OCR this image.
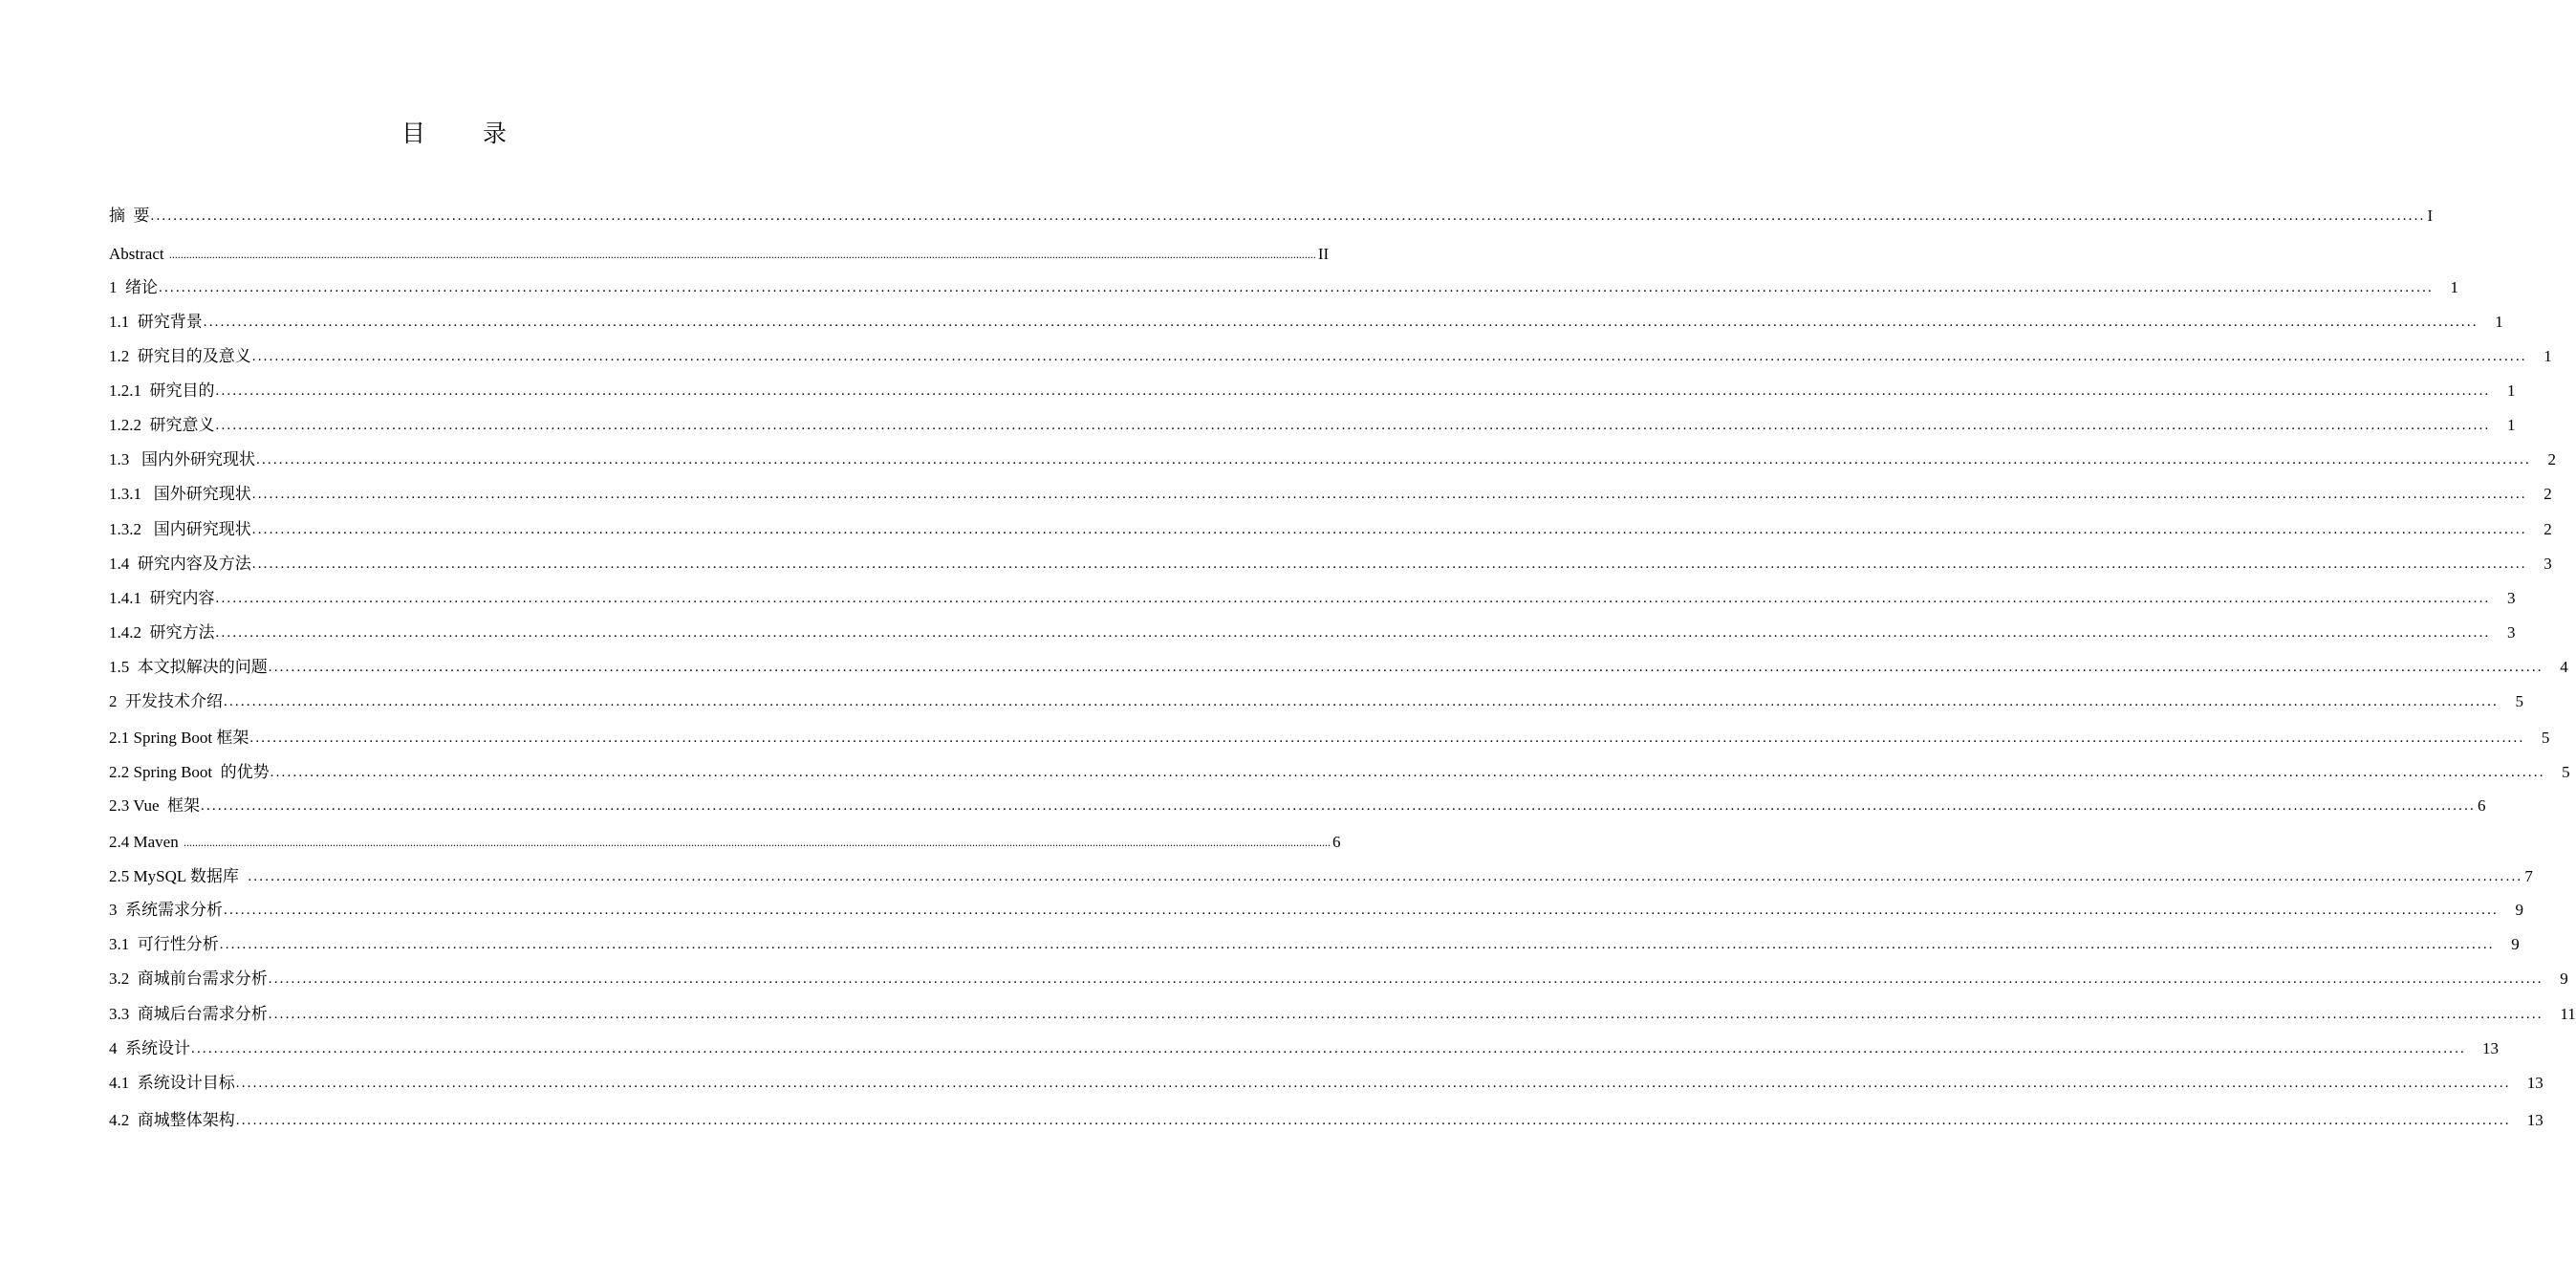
目 录
摘  要 ................................................................................................................................................................................................................................................................................................................................................................................................................ I
Abstract ................................................................................................................................................................................................................................................................................................................................................................................................................ II
1  绪论 ................................................................................................................................................................................................................................................................................................................................................................................................................	1
1.1  研究背景 ................................................................................................................................................................................................................................................................................................................................................................................................................	1
1.2  研究目的及意义 ................................................................................................................................................................................................................................................................................................................................................................................................................	1
1.2.1  研究目的 ................................................................................................................................................................................................................................................................................................................................................................................................................	1
1.2.2  研究意义 ................................................................................................................................................................................................................................................................................................................................................................................................................	1
1.3   国内外研究现状 ................................................................................................................................................................................................................................................................................................................................................................................................................	2
1.3.1   国外研究现状 ................................................................................................................................................................................................................................................................................................................................................................................................................	2
1.3.2   国内研究现状 ................................................................................................................................................................................................................................................................................................................................................................................................................	2
1.4  研究内容及方法 ................................................................................................................................................................................................................................................................................................................................................................................................................	3
1.4.1  研究内容 ................................................................................................................................................................................................................................................................................................................................................................................................................	3
1.4.2  研究方法 ................................................................................................................................................................................................................................................................................................................................................................................................................	3
1.5  本文拟解决的问题 ................................................................................................................................................................................................................................................................................................................................................................................................................	4
2  开发技术介绍 ................................................................................................................................................................................................................................................................................................................................................................................................................	5
2.1 Spring Boot 框架 ................................................................................................................................................................................................................................................................................................................................................................................................................	5
2.2 Spring Boot  的优势 ................................................................................................................................................................................................................................................................................................................................................................................................................	5
2.3 Vue  框架 ................................................................................................................................................................................................................................................................................................................................................................................................................ 6
2.4 Maven ................................................................................................................................................................................................................................................................................................................................................................................................................ 6
2.5 MySQL 数据库 ................................................................................................................................................................................................................................................................................................................................................................................................................ 7
3  系统需求分析 ................................................................................................................................................................................................................................................................................................................................................................................................................	9
3.1  可行性分析 ................................................................................................................................................................................................................................................................................................................................................................................................................	9
3.2  商城前台需求分析 ................................................................................................................................................................................................................................................................................................................................................................................................................	9
3.3  商城后台需求分析 ................................................................................................................................................................................................................................................................................................................................................................................................................	11
4  系统设计 ................................................................................................................................................................................................................................................................................................................................................................................................................	13
4.1  系统设计目标 ................................................................................................................................................................................................................................................................................................................................................................................................................	13
4.2  商城整体架构 ................................................................................................................................................................................................................................................................................................................................................................................................................	13
